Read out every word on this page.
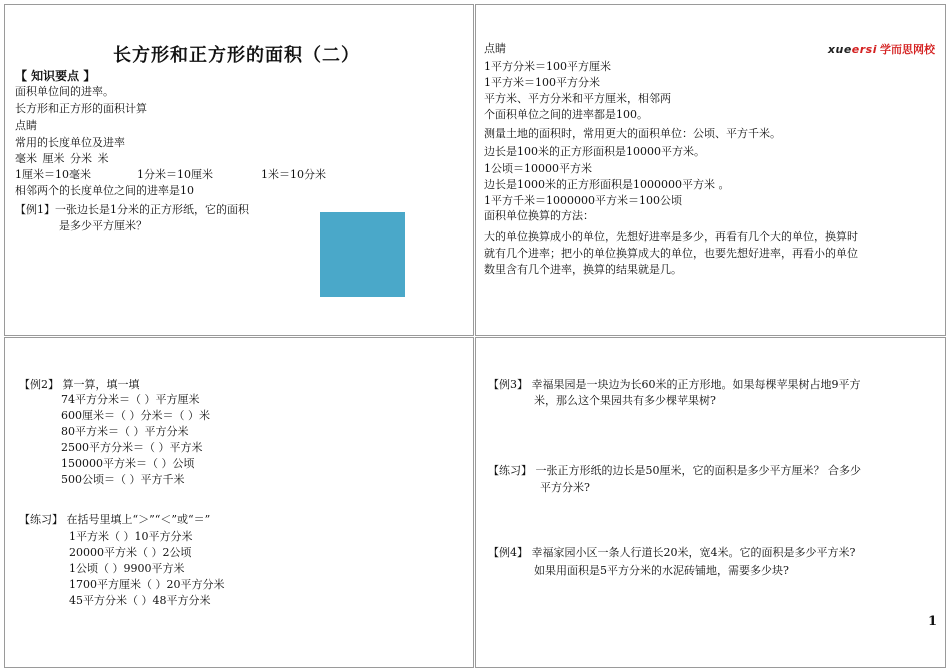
长方形和正方形的面积（二）
【 知识要点 】
面积单位间的进率。
长方形和正方形的面积计算
点睛
常用的长度单位及进率
毫米 厘米 分米 米
1厘米＝10毫米	1分米＝10厘米	1米＝10分米
相邻两个的长度单位之间的进率是10
【例1】一张边长是1分米的正方形纸，它的面积
是多少平方厘米？
xueersi 学而思网校
点睛
1平方分米＝100平方厘米
1平方米＝100平方分米
平方米、平方分米和平方厘米，相邻两
个面积单位之间的进率都是100。
测量土地的面积时，常用更大的面积单位：公顷、平方千米。
边长是100米的正方形面积是10000平方米。
1公顷＝10000平方米
边长是1000米的正方形面积是1000000平方米 。
1平方千米＝1000000平方米＝100公顷
面积单位换算的方法：
大的单位换算成小的单位，先想好进率是多少，再看有几个大的单位，换算时
就有几个进率；把小的单位换算成大的单位，也要先想好进率，再看小的单位
数里含有几个进率，换算的结果就是几。
【例2】 算一算，填一填
74平方分米＝（ ）平方厘米
600厘米＝（ ）分米＝（ ）米
80平方米＝（ ）平方分米
2500平方分米＝（ ）平方米
150000平方米＝（ ）公顷
500公顷＝（ ）平方千米
【练习】 在括号里填上“＞”“＜”或“＝”
1平方米（ ）10平方分米
20000平方米（ ）2公顷
1公顷（ ）9900平方米
1700平方厘米（ ）20平方分米
45平方分米（ ）48平方分米
【例3】 幸福果园是一块边为长60米的正方形地。如果每棵苹果树占地9平方
米，那么这个果园共有多少棵苹果树?
【练习】 一张正方形纸的边长是50厘米，它的面积是多少平方厘米？ 合多少
平方分米?
【例4】 幸福家园小区一条人行道长20米，宽4米。它的面积是多少平方米?
如果用面积是5平方分米的水泥砖铺地，需要多少块?
1
